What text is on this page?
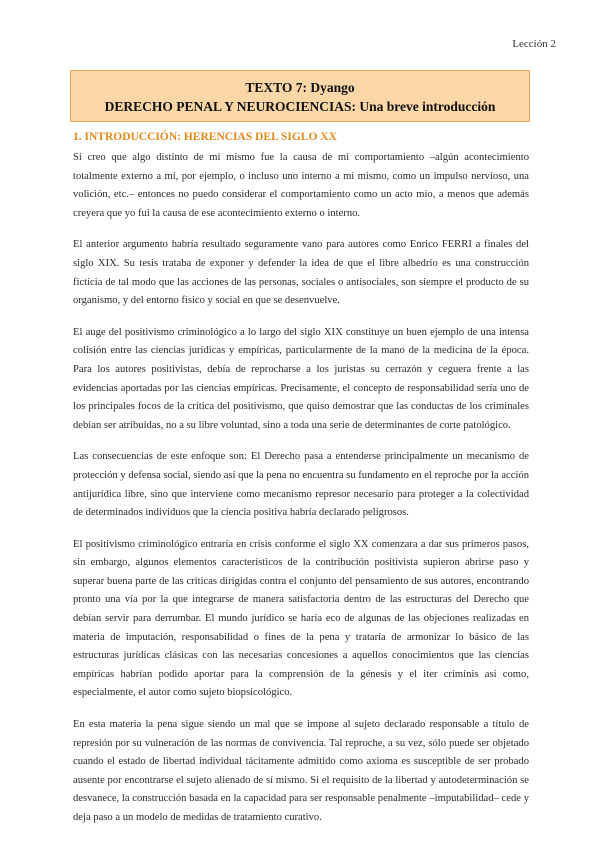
Lección 2
TEXTO 7: Dyango
DERECHO PENAL Y NEUROCIENCIAS: Una breve introducción
1. INTRODUCCIÓN: HERENCIAS DEL SIGLO XX

Si creo que algo distinto de mí mismo fue la causa de mi comportamiento –algún acontecimiento totalmente externo a mí, por ejemplo, o incluso uno interno a mí mismo, como un impulso nervioso, una volición, etc.– entonces no puedo considerar el comportamiento como un acto mío, a menos que además creyera que yo fui la causa de ese acontecimiento externo o interno.

El anterior argumento habría resultado seguramente vano para autores como Enrico FERRI a finales del siglo XIX. Su tesis trataba de exponer y defender la idea de que el libre albedrío es una construcción ficticia de tal modo que las acciones de las personas, sociales o antisociales, son siempre el producto de su organismo, y del entorno físico y social en que se desenvuelve.

El auge del positivismo criminológico a lo largo del siglo XIX constituye un buen ejemplo de una intensa colisión entre las ciencias jurídicas y empíricas, particularmente de la mano de la medicina de la época. Para los autores positivistas, debía de reprocharse a los juristas su cerrazón y ceguera frente a las evidencias aportadas por las ciencias empíricas. Precisamente, el concepto de responsabilidad sería uno de los principales focos de la crítica del positivismo, que quiso demostrar que las conductas de los criminales debían ser atribuidas, no a su libre voluntad, sino a toda una serie de determinantes de corte patológico.

Las consecuencias de este enfoque son: El Derecho pasa a entenderse principalmente un mecanismo de protección y defensa social, siendo así que la pena no encuentra su fundamento en el reproche por la acción antijurídica libre, sino que interviene como mecanismo represor necesario para proteger a la colectividad de determinados individuos que la ciencia positiva habría declarado peligrosos.

El positivismo criminológico entraría en crisis conforme el siglo XX comenzara a dar sus primeros pasos, sin embargo, algunos elementos característicos de la contribución positivista supieron abrirse paso y superar buena parte de las críticas dirigidas contra el conjunto del pensamiento de sus autores, encontrando pronto una vía por la que integrarse de manera satisfactoria dentro de las estructuras del Derecho que debían servir para derrumbar. El mundo jurídico se haría eco de algunas de las objeciones realizadas en materia de imputación, responsabilidad o fines de la pena y trataría de armonizar lo básico de las estructuras jurídicas clásicas con las necesarias concesiones a aquellos conocimientos que las ciencias empíricas habrían podido aportar para la comprensión de la génesis y el iter criminis así como, especialmente, el autor como sujeto biopsicológico.

En esta materia la pena sigue siendo un mal que se impone al sujeto declarado responsable a título de represión por su vulneración de las normas de convivencia. Tal reproche, a su vez, sólo puede ser objetado cuando el estado de libertad individual tácitamente admitido como axioma es susceptible de ser probado ausente por encontrarse el sujeto alienado de sí mismo. Si el requisito de la libertad y autodeterminación se desvanece, la construcción basada en la capacidad para ser responsable penalmente –imputabilidad– cede y deja paso a un modelo de medidas de tratamiento curativo.
